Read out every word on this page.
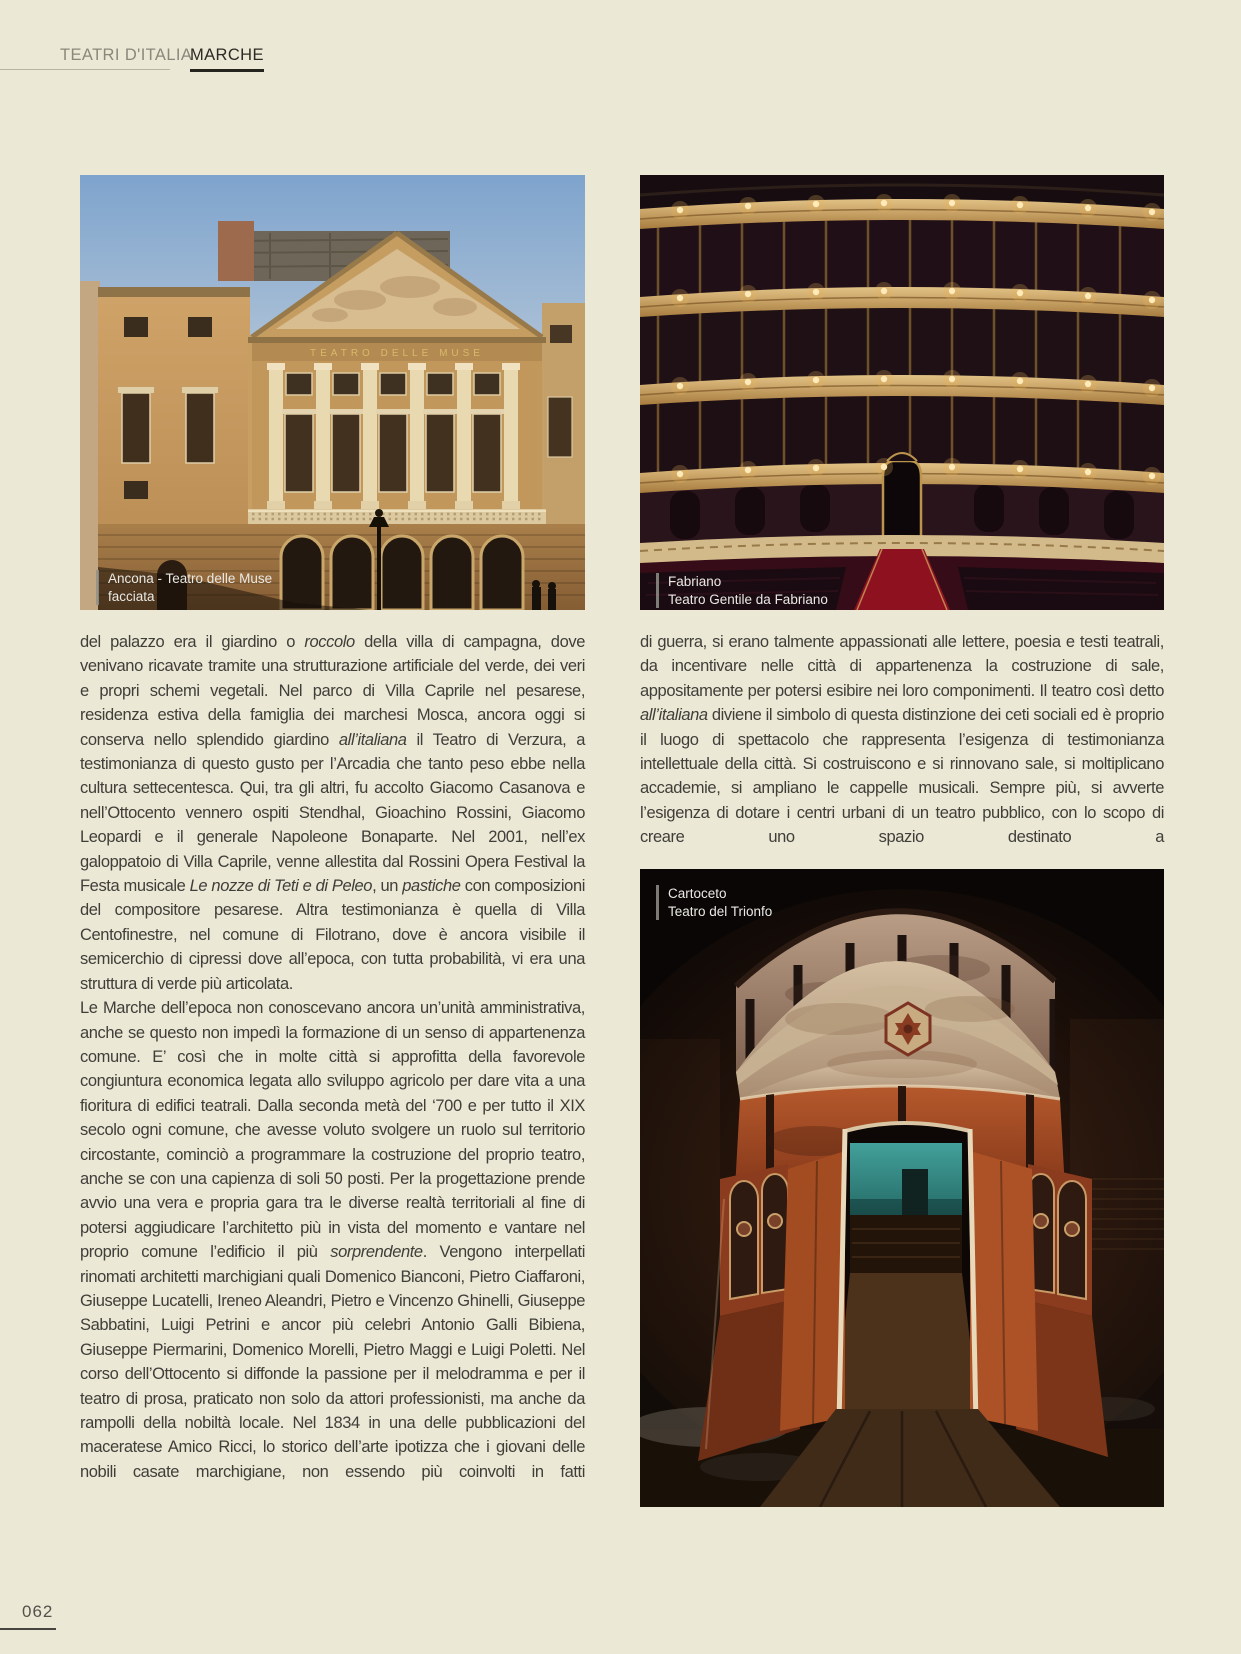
TEATRI D'ITALIA
MARCHE
TEATRO DELLE MUSE
Ancona - Teatro delle Muse
facciata
Fabriano
Teatro Gentile da Fabriano

del palazzo era il giardino o roccolo della villa di campagna, dove venivano ricavate tramite una strutturazione artificiale del verde, dei veri e propri schemi vegetali. Nel parco di Villa Caprile nel pesarese, residenza estiva della famiglia dei marchesi Mosca, ancora oggi si conserva nello splendido giardino all’italiana il Teatro di Verzura, a testimonianza di questo gusto per l’Arcadia che tanto peso ebbe nella cultura settecentesca. Qui, tra gli altri, fu accolto Giacomo Casanova e nell’Ottocento vennero ospiti Stendhal, Gioachino Rossini, Giacomo Leopardi e il generale Napoleone Bonaparte. Nel 2001, nell’ex galoppatoio di Villa Caprile, venne allestita dal Rossini Opera Festival la Festa musicale Le nozze di Teti e di Peleo, un pastiche con composizioni del compositore pesarese. Altra testimonianza è quella di Villa Centofinestre, nel comune di Filotrano, dove è ancora visibile il semicerchio di cipressi dove all’epoca, con tutta probabilità, vi era una struttura di verde più articolata.

Le Marche dell’epoca non conoscevano ancora un’unità amministrativa, anche se questo non impedì la formazione di un senso di appartenenza comune. E’ così che in molte città si approfitta della favorevole congiuntura economica legata allo sviluppo agricolo per dare vita a una fioritura di edifici teatrali. Dalla seconda metà del ‘700 e per tutto il XIX secolo ogni comune, che avesse voluto svolgere un ruolo sul territorio circostante, cominciò a programmare la costruzione del proprio teatro, anche se con una capienza di soli 50 posti. Per la progettazione prende avvio una vera e propria gara tra le diverse realtà territoriali al fine di potersi aggiudicare l’architetto più in vista del momento e vantare nel proprio comune l’edificio il più sorprendente. Vengono interpellati rinomati architetti marchigiani quali Domenico Bianconi, Pietro Ciaffaroni, Giuseppe Lucatelli, Ireneo Aleandri, Pietro e Vincenzo Ghinelli, Giuseppe Sabbatini, Luigi Petrini e ancor più celebri Antonio Galli Bibiena, Giuseppe Piermarini, Domenico Morelli, Pietro Maggi e Luigi Poletti. Nel corso dell’Ottocento si diffonde la passione per il melodramma e per il teatro di prosa, praticato non solo da attori professionisti, ma anche da rampolli della nobiltà locale. Nel 1834 in una delle pubblicazioni del maceratese Amico Ricci, lo storico dell’arte ipotizza che i giovani delle nobili casate marchigiane, non essendo più coinvolti in fatti

di guerra, si erano talmente appassionati alle lettere, poesia e testi teatrali, da incentivare nelle città di appartenenza la costruzione di sale, appositamente per potersi esibire nei loro componimenti. Il teatro così detto all’italiana diviene il simbolo di questa distinzione dei ceti sociali ed è proprio il luogo di spettacolo che rappresenta l’esigenza di testimonianza intellettuale della città. Si costruiscono e si rinnovano sale, si moltiplicano accademie, si ampliano le cappelle musicali. Sempre più, si avverte l’esigenza di dotare i centri urbani di un teatro pubblico, con lo scopo di creare uno spazio destinato a

Cartoceto
Teatro del Trionfo
062
